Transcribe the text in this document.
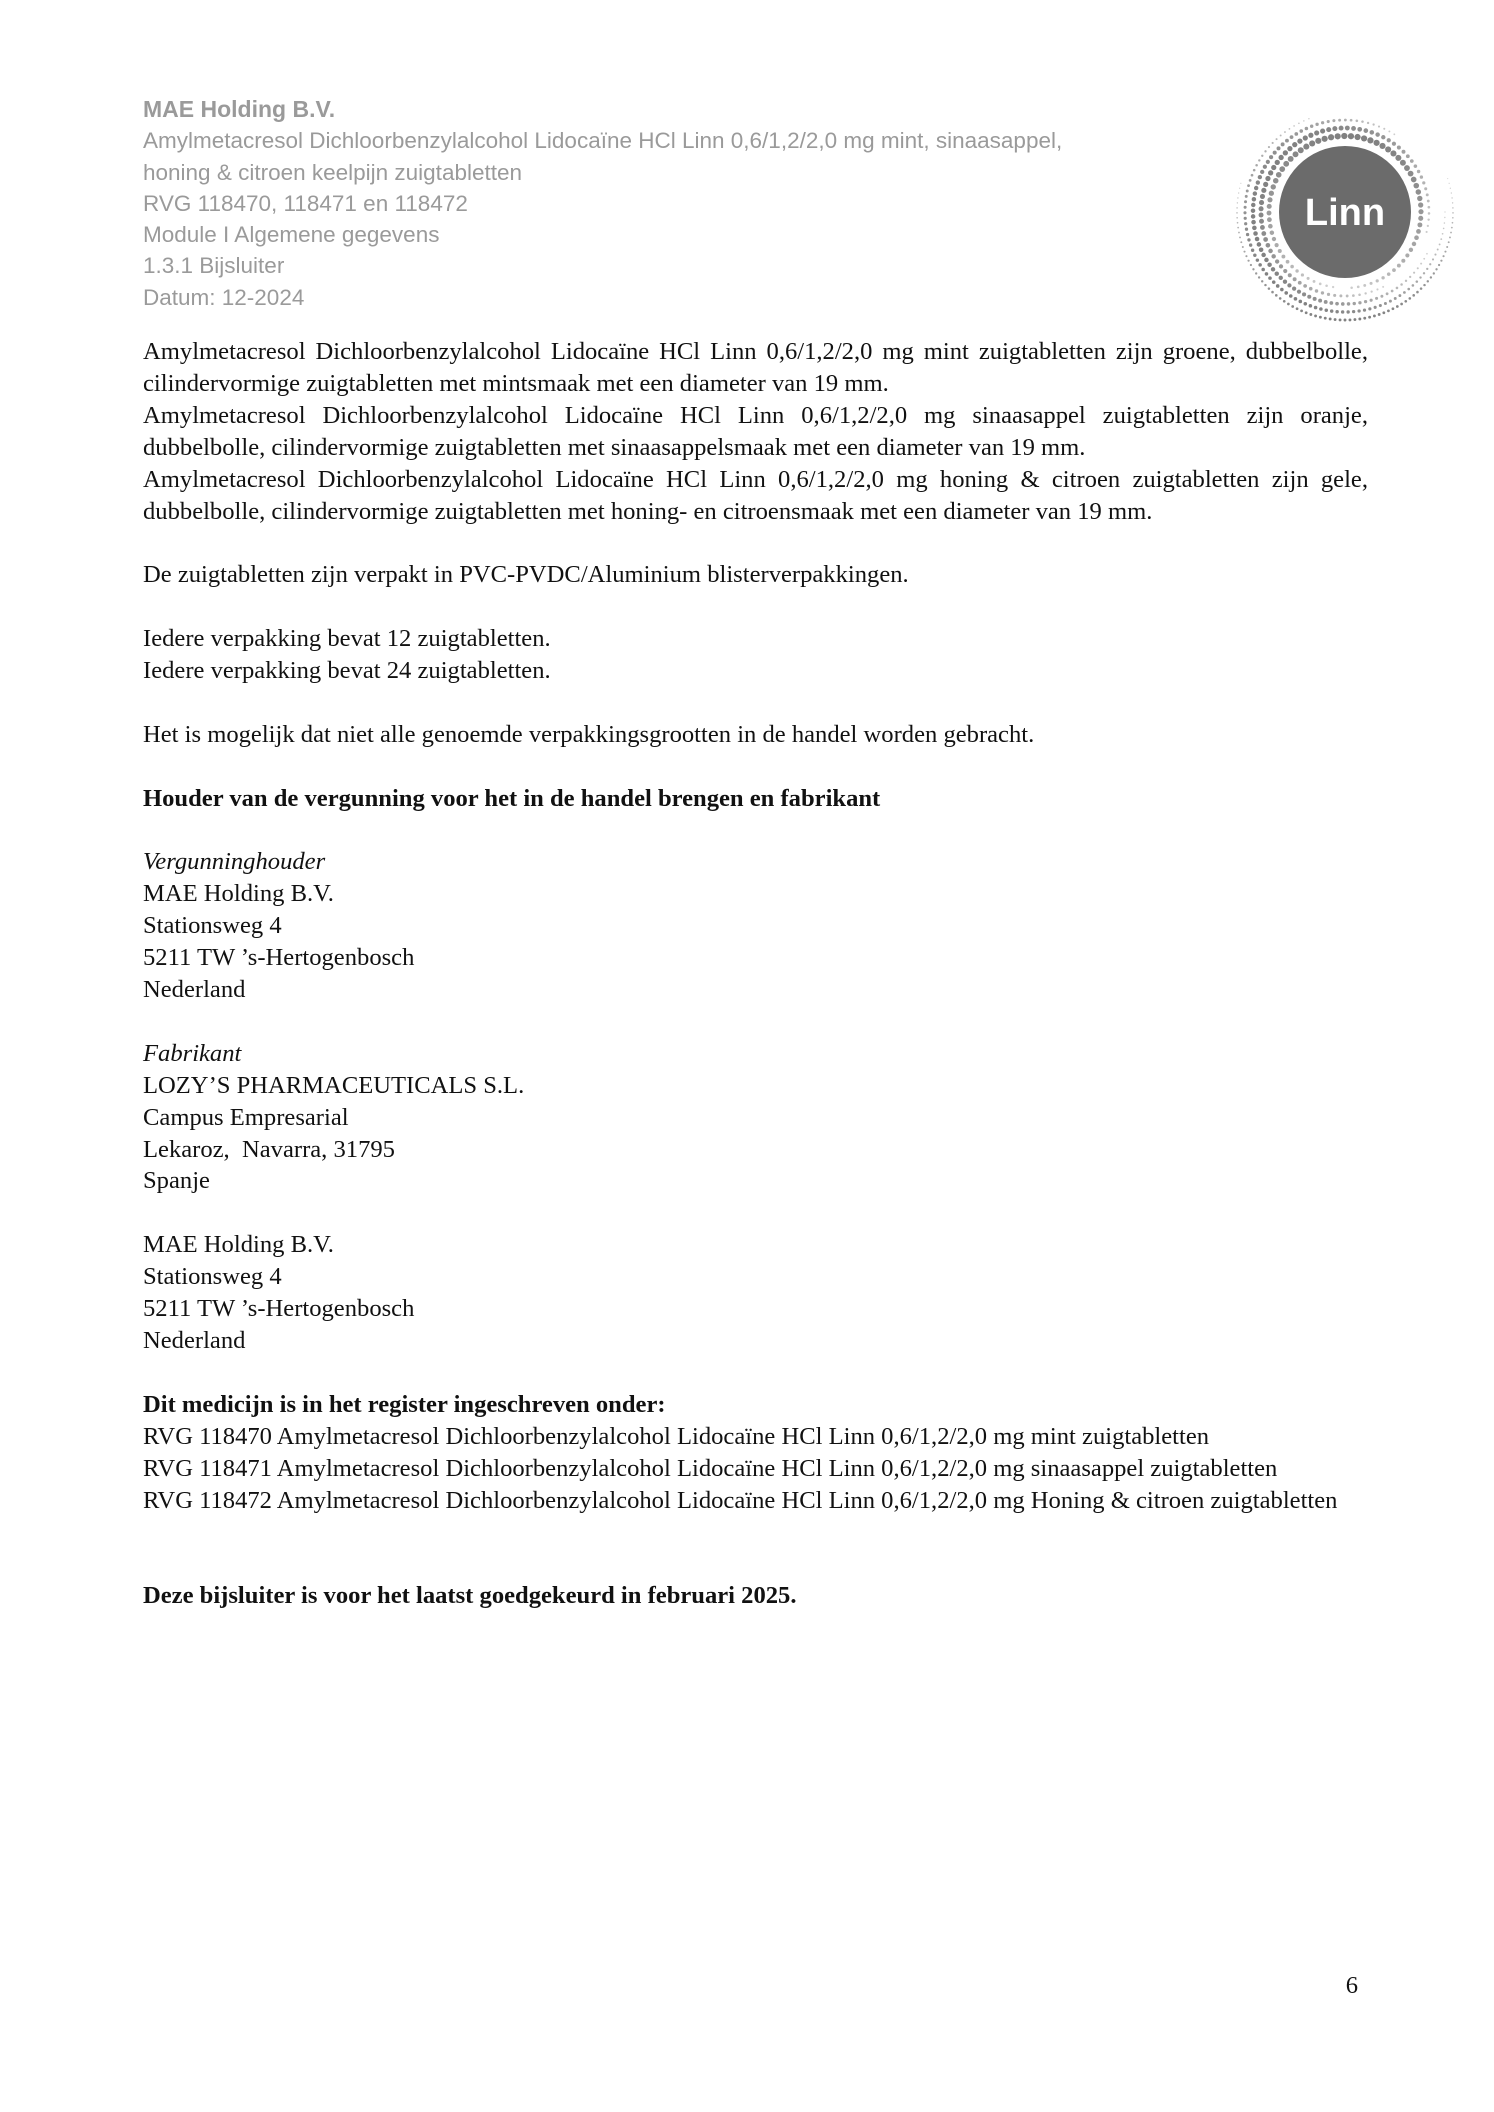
MAE Holding B.V.
Amylmetacresol Dichloorbenzylalcohol Lidocaïne HCl Linn 0,6/1,2/2,0 mg mint, sinaasappel,
honing & citroen keelpijn zuigtabletten
RVG 118470, 118471 en 118472
Module I Algemene gegevens
1.3.1 Bijsluiter
Datum: 12-2024
Linn

Amylmetacresol Dichloorbenzylalcohol Lidocaïne HCl Linn 0,6/1,2/2,0 mg mint zuigtabletten zijn groene, dubbelbolle, cilindervormige zuigtabletten met mintsmaak met een diameter van 19 mm.

Amylmetacresol Dichloorbenzylalcohol Lidocaïne HCl Linn 0,6/1,2/2,0 mg sinaasappel zuigtabletten zijn oranje, dubbelbolle, cilindervormige zuigtabletten met sinaasappelsmaak met een diameter van 19 mm.

Amylmetacresol Dichloorbenzylalcohol Lidocaïne HCl Linn 0,6/1,2/2,0 mg honing & citroen zuigtabletten zijn gele, dubbelbolle, cilindervormige zuigtabletten met honing- en citroensmaak met een diameter van 19 mm.

De zuigtabletten zijn verpakt in PVC-PVDC/Aluminium blisterverpakkingen.

Iedere verpakking bevat 12 zuigtabletten.

Iedere verpakking bevat 24 zuigtabletten.

Het is mogelijk dat niet alle genoemde verpakkingsgrootten in de handel worden gebracht.

Houder van de vergunning voor het in de handel brengen en fabrikant

Vergunninghouder

MAE Holding B.V.

Stationsweg 4

5211 TW ’s-Hertogenbosch

Nederland

Fabrikant

LOZY’S PHARMACEUTICALS S.L.

Campus Empresarial

Lekaroz,  Navarra, 31795

Spanje

MAE Holding B.V.

Stationsweg 4

5211 TW ’s-Hertogenbosch

Nederland

Dit medicijn is in het register ingeschreven onder:

RVG 118470 Amylmetacresol Dichloorbenzylalcohol Lidocaïne HCl Linn 0,6/1,2/2,0 mg mint zuigtabletten

RVG 118471 Amylmetacresol Dichloorbenzylalcohol Lidocaïne HCl Linn 0,6/1,2/2,0 mg sinaasappel zuigtabletten

RVG 118472 Amylmetacresol Dichloorbenzylalcohol Lidocaïne HCl Linn 0,6/1,2/2,0 mg Honing & citroen zuigtabletten

Deze bijsluiter is voor het laatst goedgekeurd in februari 2025.

6
